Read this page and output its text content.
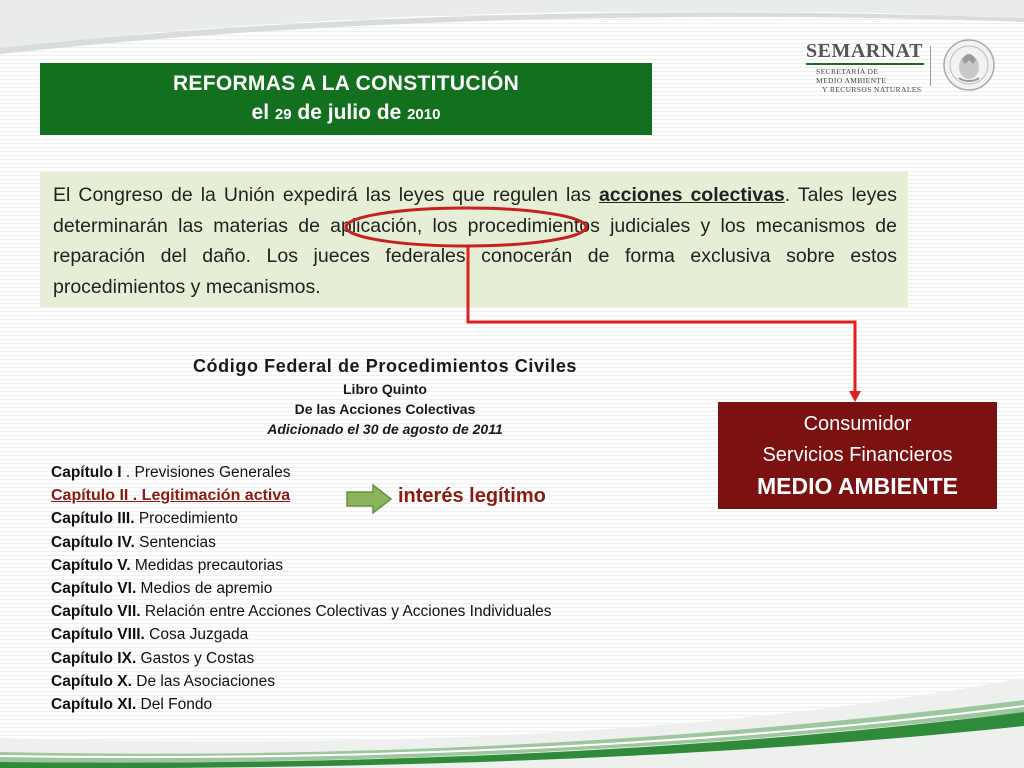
REFORMAS A LA CONSTITUCIÓN
el 29 de julio de 2010
SEMARNAT
SECRETARÍA DE
MEDIO AMBIENTE
Y RECURSOS NATURALES

El Congreso de la Unión expedirá las leyes que regulen las acciones colectivas. Tales leyes determinarán las materias de aplicación, los procedimientos judiciales y los mecanismos de reparación del daño. Los jueces federales conocerán de forma exclusiva sobre estos procedimientos y mecanismos.

Código Federal de Procedimientos Civiles
Libro Quinto
De las Acciones Colectivas
Adicionado el 30 de agosto de 2011
Capítulo I . Previsiones Generales
Capítulo II . Legitimación activa
Capítulo III. Procedimiento
Capítulo IV. Sentencias
Capítulo V. Medidas precautorias
Capítulo VI. Medios de apremio
Capítulo VII. Relación entre Acciones Colectivas y Acciones Individuales
Capítulo VIII. Cosa Juzgada
Capítulo IX. Gastos y Costas
Capítulo X. De las Asociaciones
Capítulo XI. Del Fondo
interés legítimo
Consumidor
Servicios Financieros
MEDIO AMBIENTE
